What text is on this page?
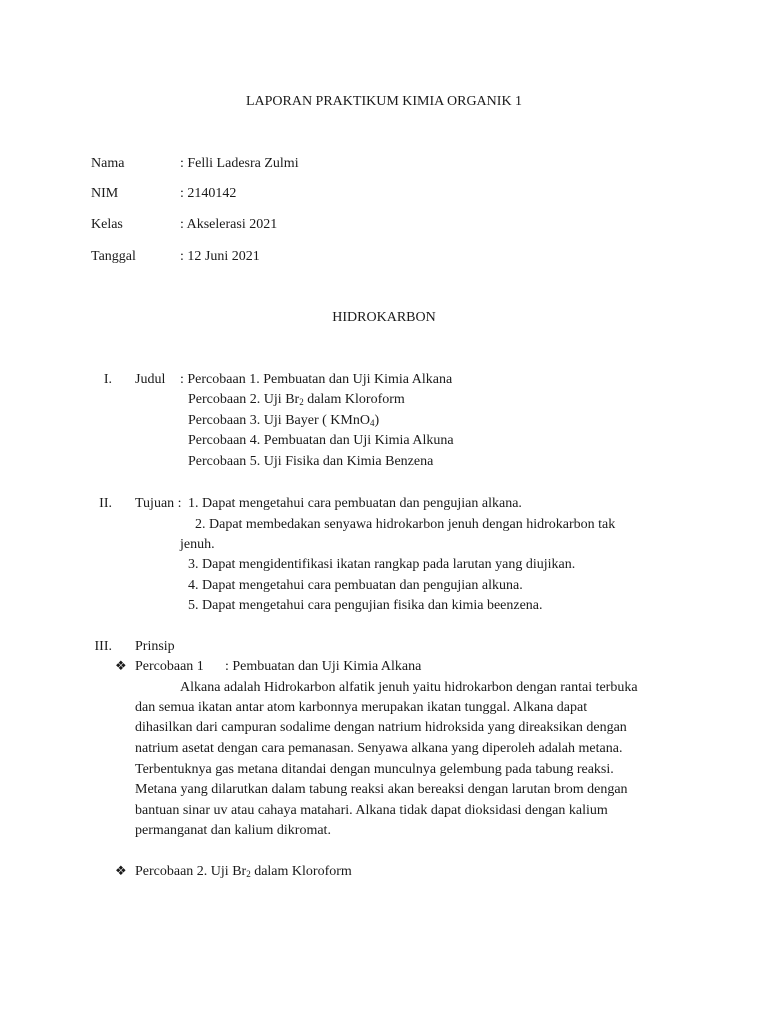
LAPORAN PRAKTIKUM KIMIA ORGANIK 1
Nama	: Felli Ladesra Zulmi
NIM	: 2140142
Kelas	: Akselerasi 2021
Tanggal	: 12 Juni 2021
HIDROKARBON
I. Judul : Percobaan 1. Pembuatan dan Uji Kimia Alkana
Percobaan 2. Uji $Br_2$ dalam Kloroform
Percobaan 3. Uji Bayer ( KMnO$_4$)
Percobaan 4. Pembuatan dan Uji Kimia Alkuna
Percobaan 5. Uji Fisika dan Kimia Benzena
II. Tujuan : 1. Dapat mengetahui cara pembuatan dan pengujian alkana.
2. Dapat membedakan senyawa hidrokarbon jenuh dengan hidrokarbon tak
jenuh.
3. Dapat mengidentifikasi ikatan rangkap pada larutan yang diujikan.
4. Dapat mengetahui cara pembuatan dan pengujian alkuna.
5. Dapat mengetahui cara pengujian fisika dan kimia beenzena.
III. Prinsip
❖ Percobaan 1 : Pembuatan dan Uji Kimia Alkana
Alkana adalah Hidrokarbon alfatik jenuh yaitu hidrokarbon dengan rantai terbuka
dan semua ikatan antar atom karbonnya merupakan ikatan tunggal. Alkana dapat
dihasilkan dari campuran sodalime dengan natrium hidroksida yang direaksikan dengan
natrium asetat dengan cara pemanasan. Senyawa alkana yang diperoleh adalah metana.
Terbentuknya gas metana ditandai dengan munculnya gelembung pada tabung reaksi.
Metana yang dilarutkan dalam tabung reaksi akan bereaksi dengan larutan brom dengan
bantuan sinar uv atau cahaya matahari. Alkana tidak dapat dioksidasi dengan kalium
permanganat dan kalium dikromat.
❖ Percobaan 2. Uji $Br_2$ dalam Kloroform
